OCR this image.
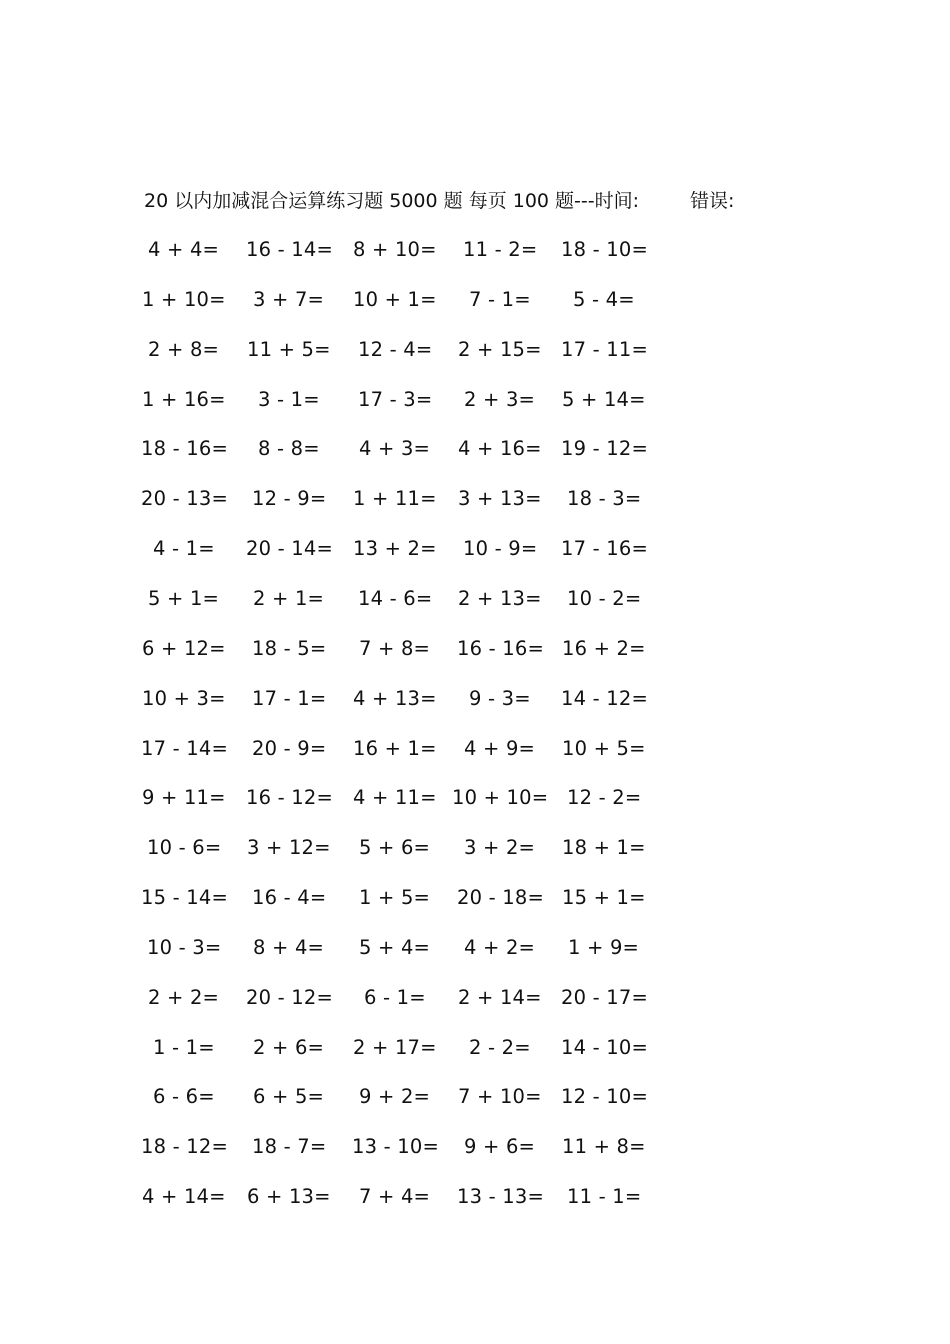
20 以内加减混合运算练习题 5000 题 每页 100 题---时间:	错误:
4 + 4= 16 - 14= 8 + 10= 11 - 2= 18 - 10=
1 + 10= 3 + 7= 10 + 1= 7 - 1= 5 - 4=
2 + 8= 11 + 5= 12 - 4= 2 + 15= 17 - 11=
1 + 16= 3 - 1= 17 - 3= 2 + 3= 5 + 14=
18 - 16= 8 - 8= 4 + 3= 4 + 16= 19 - 12=
20 - 13= 12 - 9= 1 + 11= 3 + 13= 18 - 3=
4 - 1= 20 - 14= 13 + 2= 10 - 9= 17 - 16=
5 + 1= 2 + 1= 14 - 6= 2 + 13= 10 - 2=
6 + 12= 18 - 5= 7 + 8= 16 - 16= 16 + 2=
10 + 3= 17 - 1= 4 + 13= 9 - 3= 14 - 12=
17 - 14= 20 - 9= 16 + 1= 4 + 9= 10 + 5=
9 + 11= 16 - 12= 4 + 11= 10 + 10= 12 - 2=
10 - 6= 3 + 12= 5 + 6= 3 + 2= 18 + 1=
15 - 14= 16 - 4= 1 + 5= 20 - 18= 15 + 1=
10 - 3= 8 + 4= 5 + 4= 4 + 2= 1 + 9=
2 + 2= 20 - 12= 6 - 1= 2 + 14= 20 - 17=
1 - 1= 2 + 6= 2 + 17= 2 - 2= 14 - 10=
6 - 6= 6 + 5= 9 + 2= 7 + 10= 12 - 10=
18 - 12= 18 - 7= 13 - 10= 9 + 6= 11 + 8=
4 + 14= 6 + 13= 7 + 4= 13 - 13= 11 - 1=
